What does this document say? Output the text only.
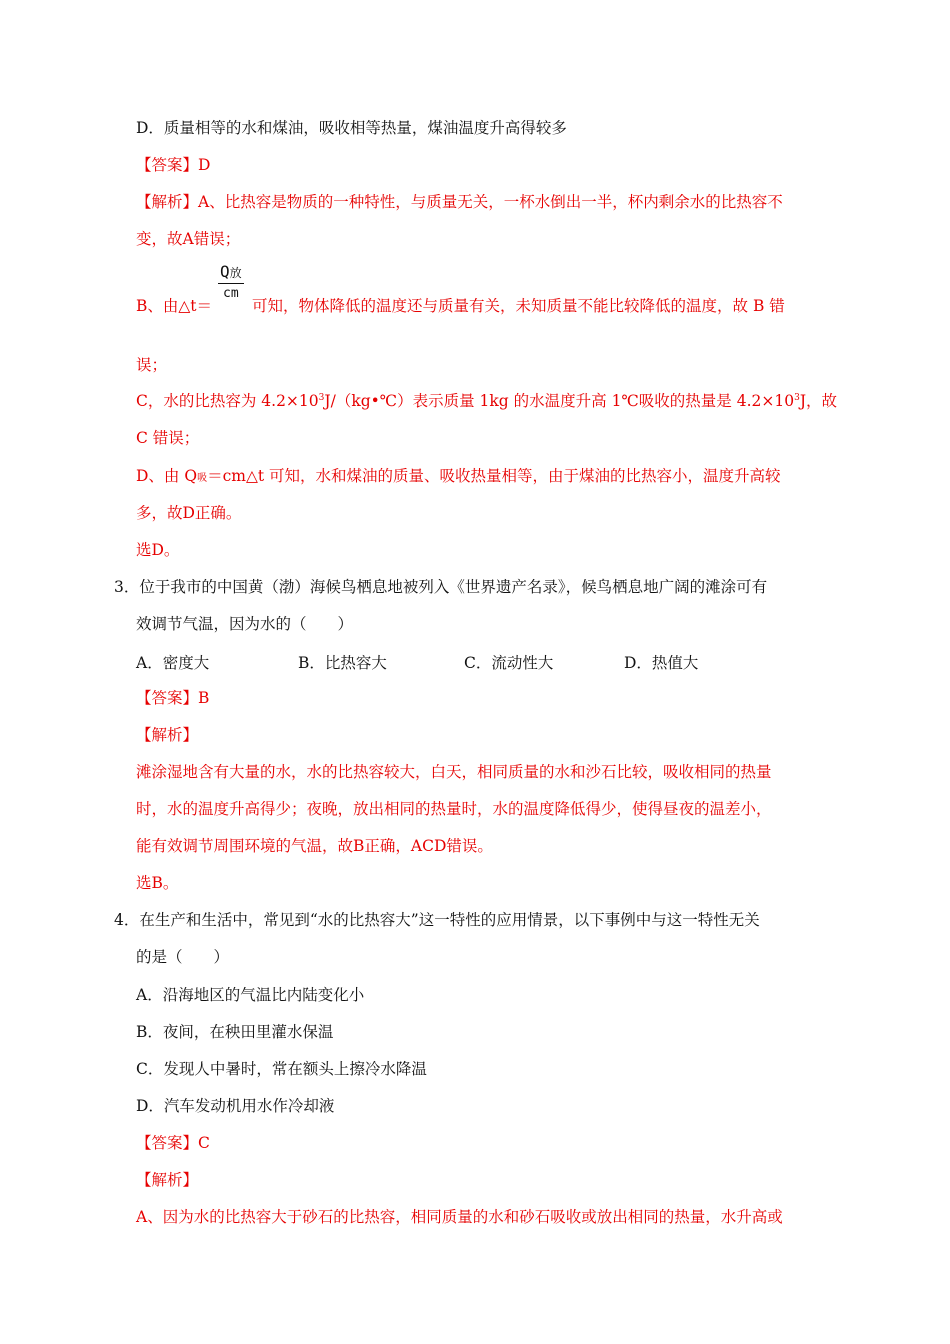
D．质量相等的水和煤油，吸收相等热量，煤油温度升高得较多
【答案】D
【解析】A、比热容是物质的一种特性，与质量无关，一杯水倒出一半，杯内剩余水的比热容不
变，故A错误；
Q放
cm
B、由△t＝	可知，物体降低的温度还与质量有关，未知质量不能比较降低的温度，故 B 错
误；
C，水的比热容为 $4.2\times 10^3J/(kg•℃)$表示质量 1kg 的水温度升高 1℃吸收的热量是 $4.2\times 10^3J$，故
C 错误；
D、由 Q吸＝cm△t 可知，水和煤油的质量、吸收热量相等，由于煤油的比热容小，温度升高较
多，故D正确。
选D。
3．位于我市的中国黄（渤）海候鸟栖息地被列入《世界遗产名录》，候鸟栖息地广阔的滩涂可有
效调节气温，因为水的（　　）
A．密度大	B．比热容大	C．流动性大	D．热值大
【答案】B
【解析】
滩涂湿地含有大量的水，水的比热容较大，白天，相同质量的水和沙石比较，吸收相同的热量
时，水的温度升高得少；夜晚，放出相同的热量时，水的温度降低得少，使得昼夜的温差小，
能有效调节周围环境的气温，故B正确，ACD错误。
选B。
4．在生产和生活中，常见到“水的比热容大”这一特性的应用情景，以下事例中与这一特性无关
的是（　　）
A．沿海地区的气温比内陆变化小
B．夜间，在秧田里灌水保温
C．发现人中暑时，常在额头上擦冷水降温
D．汽车发动机用水作冷却液
【答案】C
【解析】
A、因为水的比热容大于砂石的比热容，相同质量的水和砂石吸收或放出相同的热量，水升高或
